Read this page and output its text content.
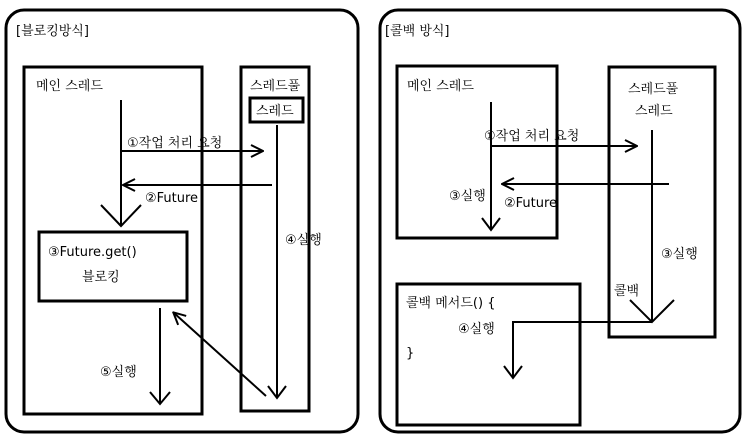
[블로킹방식]
메인 스레드	스레드풀
스레드
①작업 처리 요청
②Future
④실행
③Future.get()
블로킹
⑤실행
[콜백 방식]
메인 스레드	스레드풀
스레드
①작업 처리 요청
②Future
③실행
③실행
콜백
콜백 메서드() {
④실행
}
